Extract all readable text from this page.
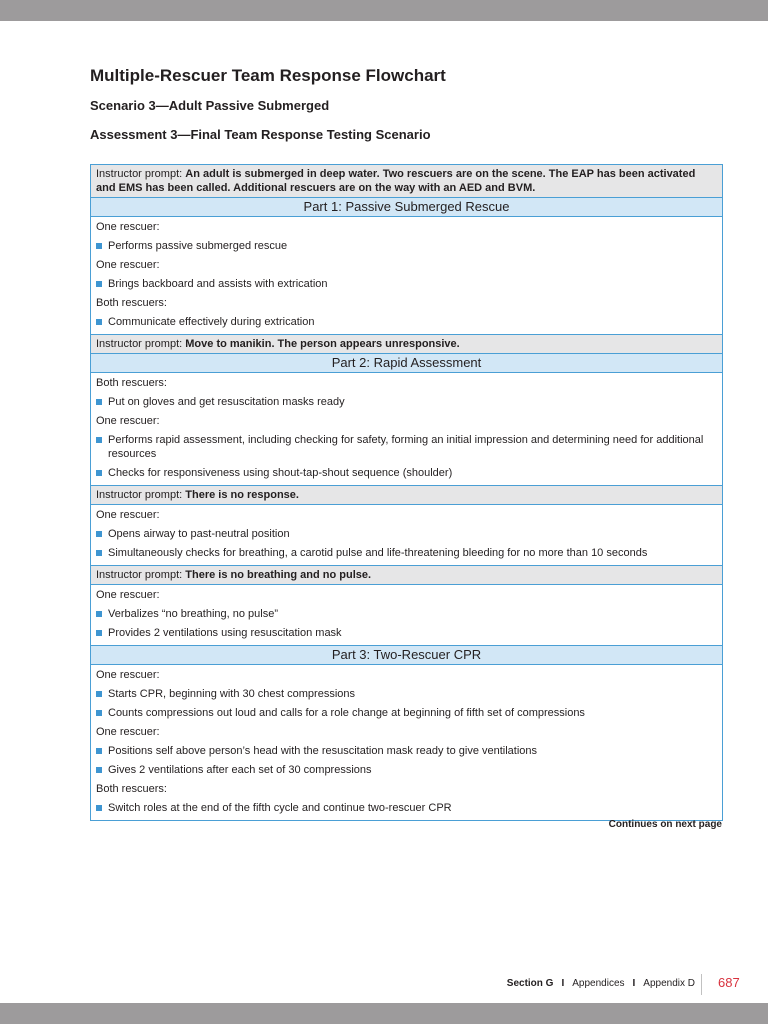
Multiple-Rescuer Team Response Flowchart
Scenario 3—Adult Passive Submerged
Assessment 3—Final Team Response Testing Scenario
Instructor prompt: An adult is submerged in deep water. Two rescuers are on the scene. The EAP has been activated and EMS has been called. Additional rescuers are on the way with an AED and BVM.
Part 1: Passive Submerged Rescue

One rescuer:

Performs passive submerged rescue

One rescuer:

Brings backboard and assists with extrication

Both rescuers:

Communicate effectively during extrication

Instructor prompt: Move to manikin. The person appears unresponsive.
Part 2: Rapid Assessment

Both rescuers:

Put on gloves and get resuscitation masks ready

One rescuer:

Performs rapid assessment, including checking for safety, forming an initial impression and determining need for additional resources

Checks for responsiveness using shout-tap-shout sequence (shoulder)

Instructor prompt: There is no response.

One rescuer:

Opens airway to past-neutral position

Simultaneously checks for breathing, a carotid pulse and life-threatening bleeding for no more than 10 seconds

Instructor prompt: There is no breathing and no pulse.

One rescuer:

Verbalizes “no breathing, no pulse”

Provides 2 ventilations using resuscitation mask

Part 3: Two-Rescuer CPR

One rescuer:

Starts CPR, beginning with 30 chest compressions

Counts compressions out loud and calls for a role change at beginning of fifth set of compressions

One rescuer:

Positions self above person’s head with the resuscitation mask ready to give ventilations

Gives 2 ventilations after each set of 30 compressions

Both rescuers:

Switch roles at the end of the fifth cycle and continue two-rescuer CPR

Continues on next page
Section G I Appendices I Appendix D 687
